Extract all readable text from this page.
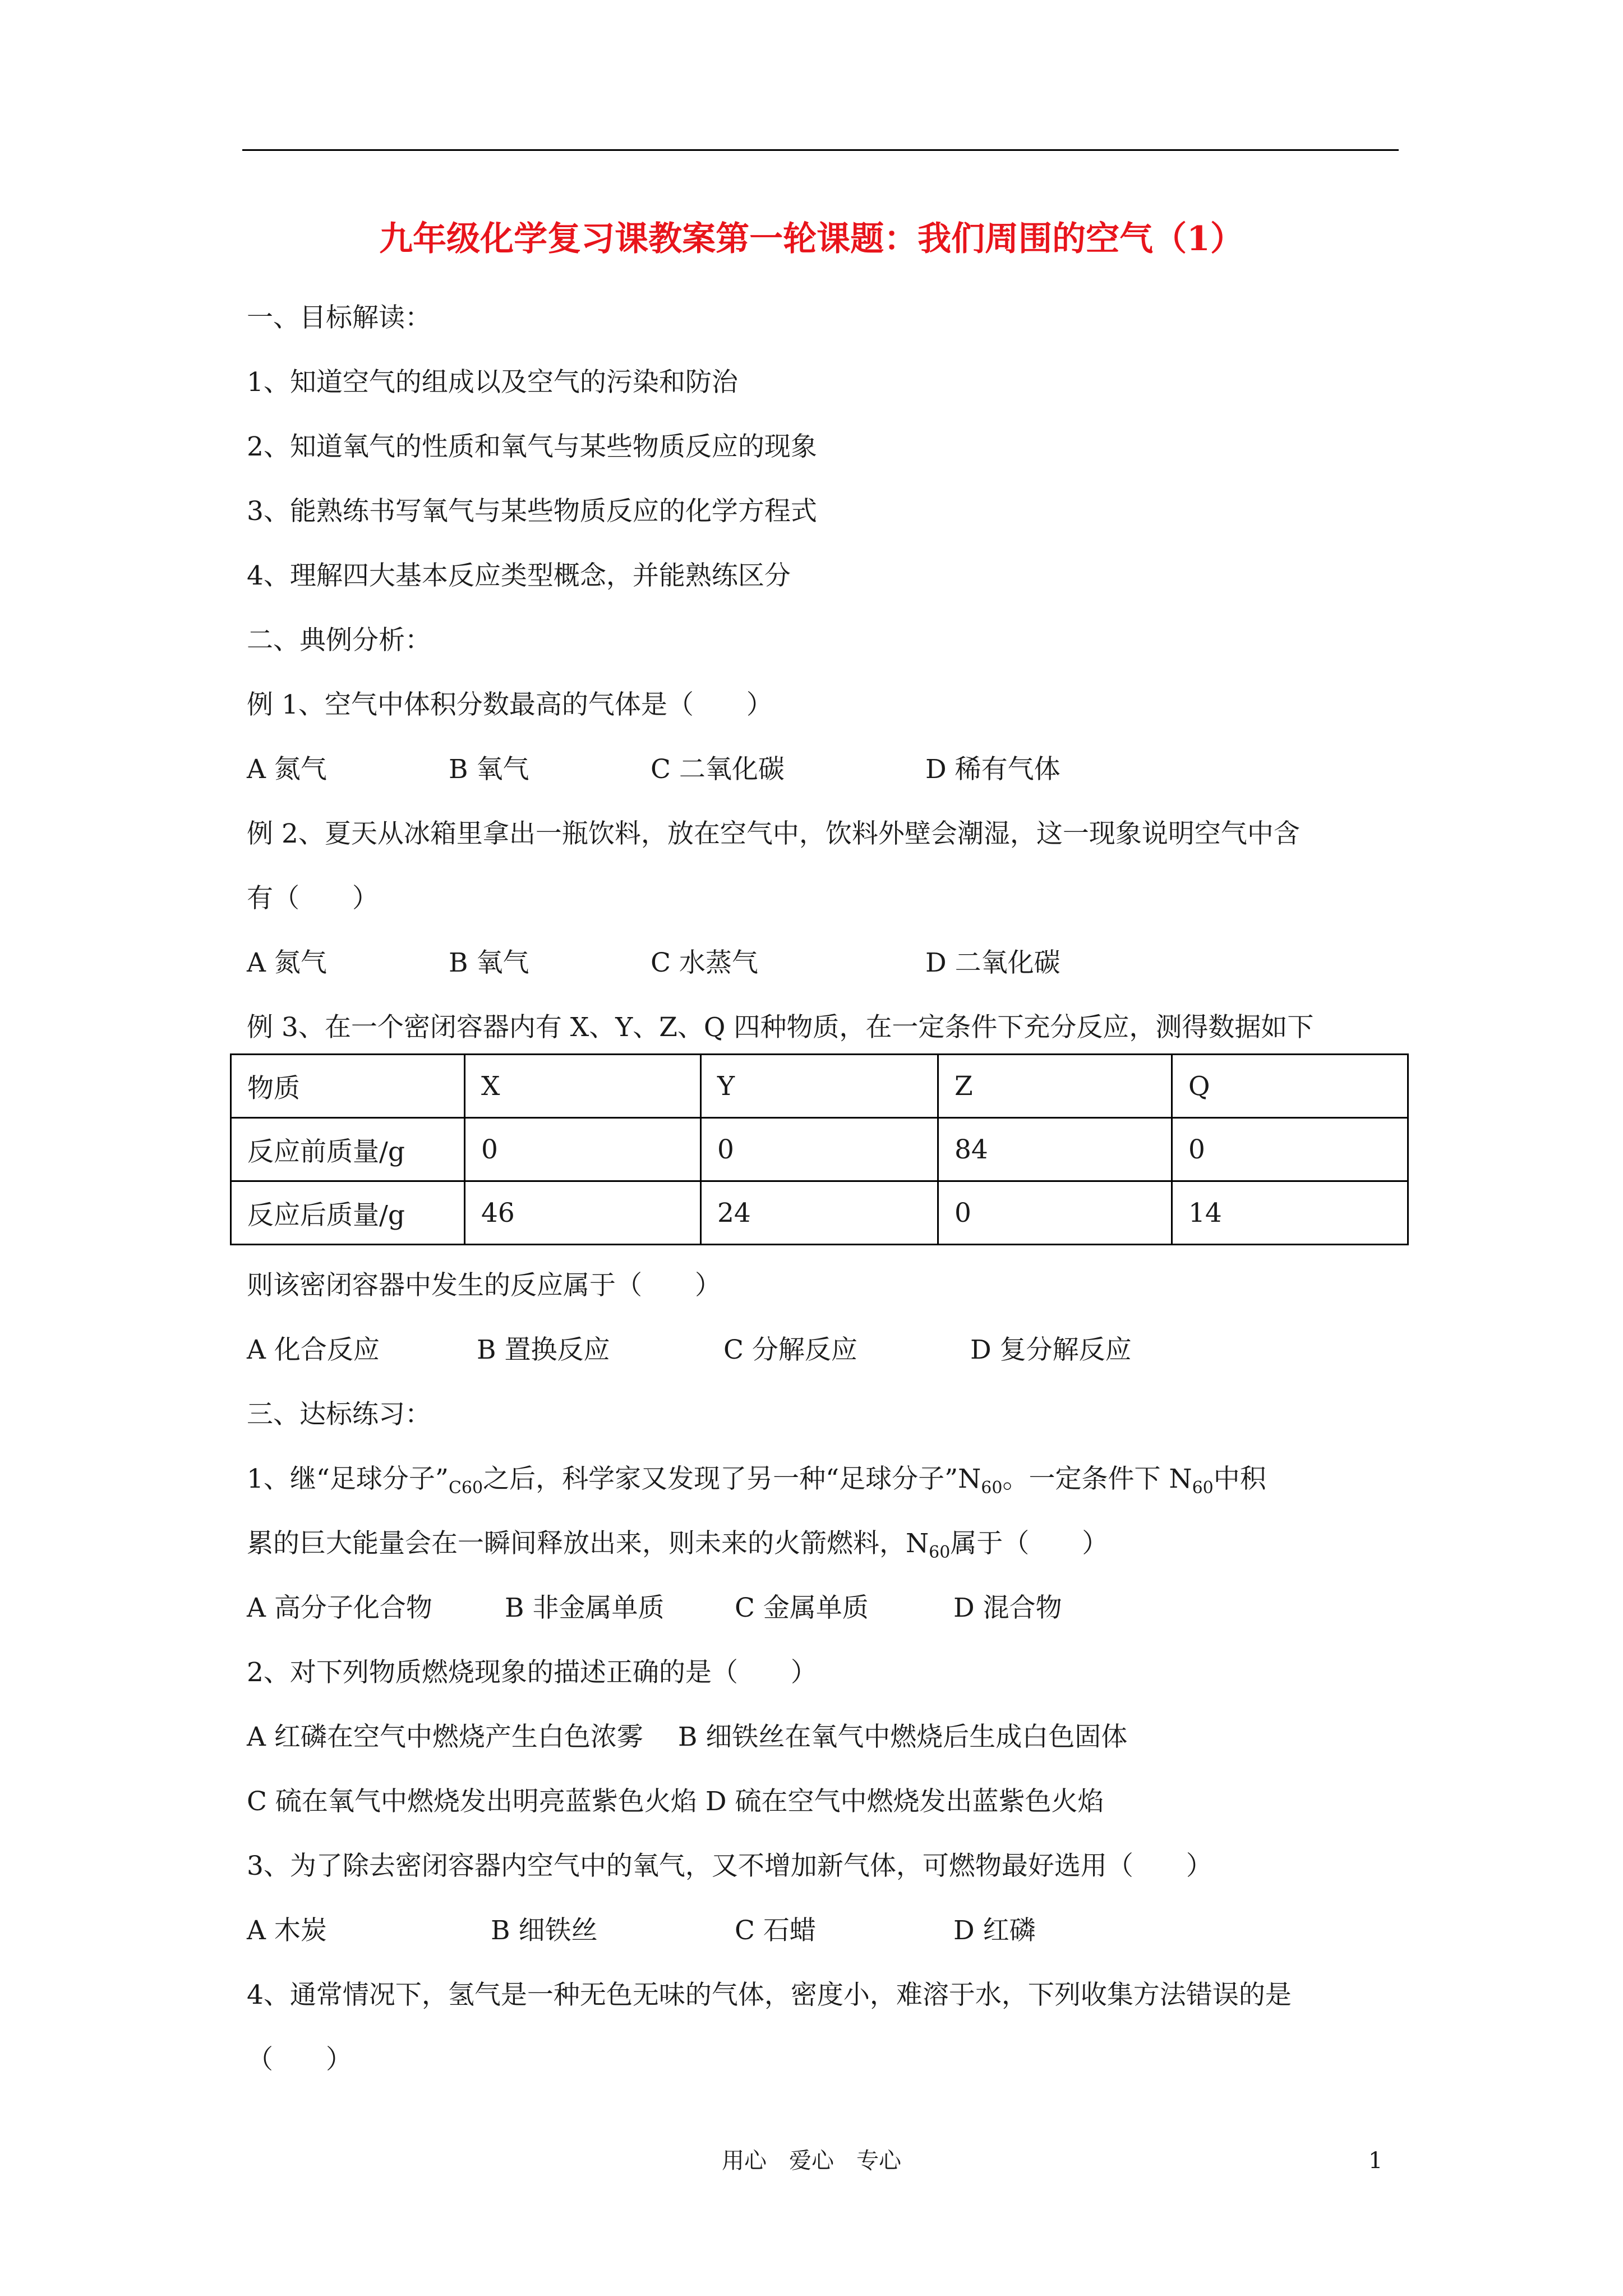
九年级化学复习课教案第一轮课题：我们周围的空气（1）
一、目标解读：
1、知道空气的组成以及空气的污染和防治
2、知道氧气的性质和氧气与某些物质反应的现象
3、能熟练书写氧气与某些物质反应的化学方程式
4、理解四大基本反应类型概念，并能熟练区分
二、典例分析：
例 1、空气中体积分数最高的气体是（　　）
A 氮气	B 氧气	C 二氧化碳	D 稀有气体
例 2、夏天从冰箱里拿出一瓶饮料，放在空气中，饮料外壁会潮湿，这一现象说明空气中含
有（　　）
A 氮气	B 氧气	C 水蒸气	D 二氧化碳
例 3、在一个密闭容器内有 X、Y、Z、Q 四种物质，在一定条件下充分反应，测得数据如下
物质	X	Y	Z	Q
反应前质量/g	0	0	84	0
反应后质量/g	46	24	0	14
则该密闭容器中发生的反应属于（　　）
A 化合反应	B 置换反应	C 分解反应	D 复分解反应
三、达标练习：
1、继“足球分子$”_{C60}$之后，科学家又发现了另一种“足球分子$”N_{60}$。一定条件下 $N_{60}$中积
累的巨大能量会在一瞬间释放出来，则未来的火箭燃料，$N_{60}$属于（　　）
A 高分子化合物	B 非金属单质	C 金属单质	D 混合物
2、对下列物质燃烧现象的描述正确的是（　　）
A 红磷在空气中燃烧产生白色浓雾　 B 细铁丝在氧气中燃烧后生成白色固体
C 硫在氧气中燃烧发出明亮蓝紫色火焰 D 硫在空气中燃烧发出蓝紫色火焰
3、为了除去密闭容器内空气中的氧气，又不增加新气体，可燃物最好选用（　　）
A 木炭	B 细铁丝	C 石蜡	D 红磷
4、通常情况下，氢气是一种无色无味的气体，密度小，难溶于水，下列收集方法错误的是
（　　）
用心　爱心　专心	1
